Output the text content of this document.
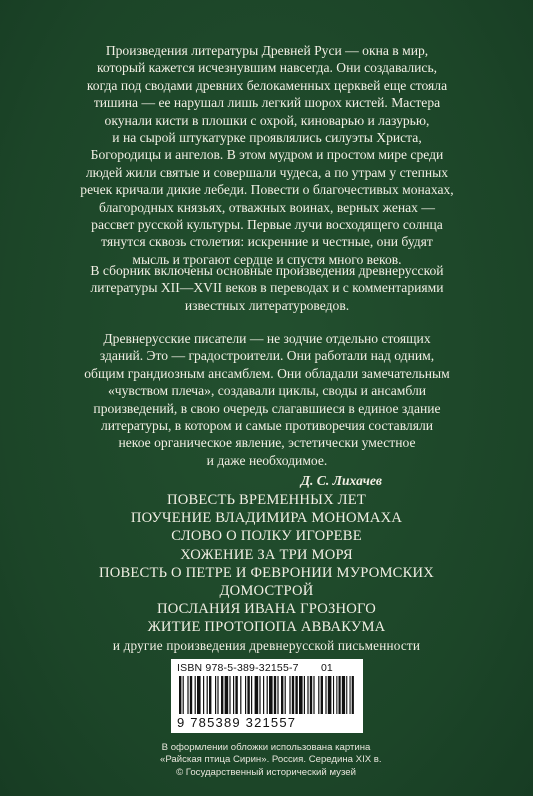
Произведения литературы Древней Руси — окна в мир,
который кажется исчезнувшим навсегда. Они создавались,
когда под сводами древних белокаменных церквей еще стояла
тишина — ее нарушал лишь легкий шорох кистей. Мастера
окунали кисти в плошки с охрой, киноварью и лазурью,
и на сырой штукатурке проявлялись силуэты Христа,
Богородицы и ангелов. В этом мудром и простом мире среди
людей жили святые и совершали чудеса, а по утрам у степных
речек кричали дикие лебеди. Повести о благочестивых монахах,
благородных князьях, отважных воинах, верных женах —
рассвет русской культуры. Первые лучи восходящего солнца
тянутся сквозь столетия: искренние и честные, они будят
мысль и трогают сердце и спустя много веков.
В сборник включены основные произведения древнерусской
литературы XII—XVII веков в переводах и с комментариями
известных литературоведов.
Древнерусские писатели — не зодчие отдельно стоящих
зданий. Это — градостроители. Они работали над одним,
общим грандиозным ансамблем. Они обладали замечательным
«чувством плеча», создавали циклы, своды и ансамбли
произведений, в свою очередь слагавшиеся в единое здание
литературы, в котором и самые противоречия составляли
некое органическое явление, эстетически уместное
и даже необходимое.
Д. С. Лихачев
ПОВЕСТЬ ВРЕМЕННЫХ ЛЕТ
ПОУЧЕНИЕ ВЛАДИМИРА МОНОМАХА
СЛОВО О ПОЛКУ ИГОРЕВЕ
ХОЖЕНИЕ ЗА ТРИ МОРЯ
ПОВЕСТЬ О ПЕТРЕ И ФЕВРОНИИ МУРОМСКИХ
ДОМОСТРОЙ
ПОСЛАНИЯ ИВАНА ГРОЗНОГО
ЖИТИЕ ПРОТОПОПА АВВАКУМА
и другие произведения древнерусской письменности
ISBN 978-5-389-32155-7 01
9 785389 321557
В оформлении обложки использована картина
«Райская птица Сирин». Россия. Середина XIX в.
© Государственный исторический музей
